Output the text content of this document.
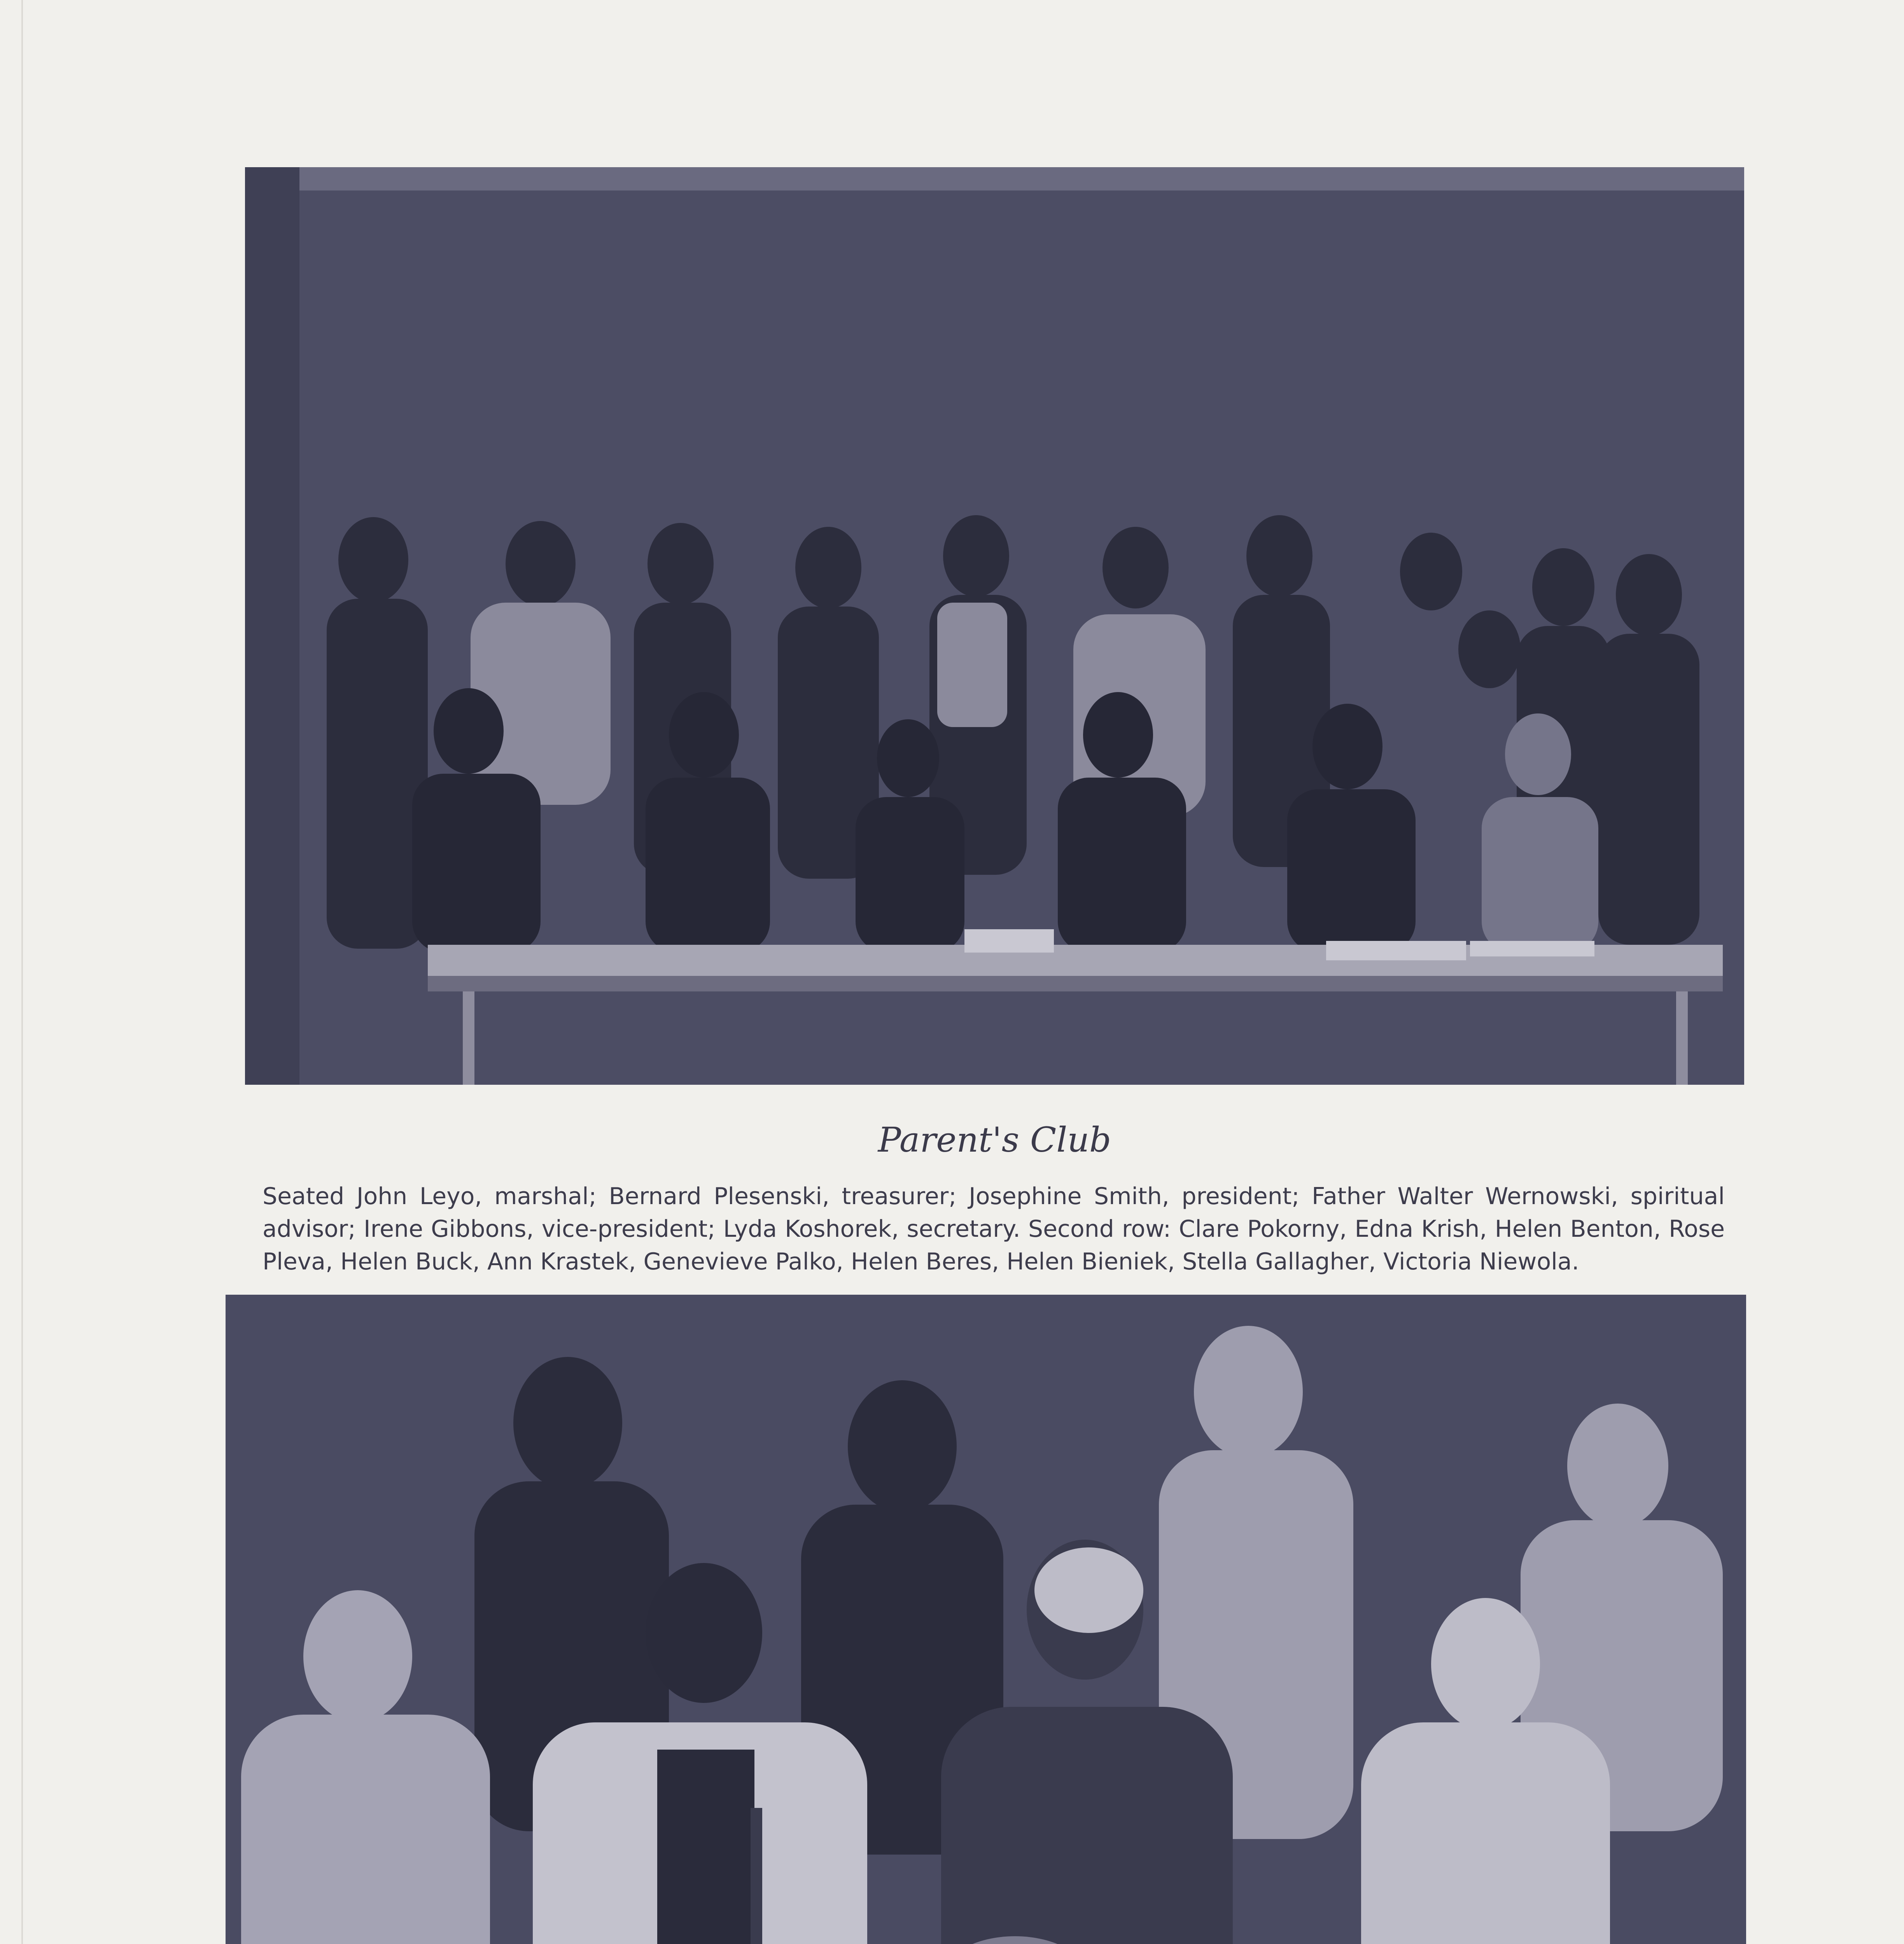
Parent's Club
Seated John Leyo, marshal; Bernard Plesenski, treasurer; Josephine Smith, president; Father Walter Wernowski, spiritual advisor; Irene Gibbons, vice-president; Lyda Koshorek, secretary. Second row: Clare Pokorny, Edna Krish, Helen Benton, Rose Pleva, Helen Buck, Ann Krastek, Genevieve Palko, Helen Beres, Helen Bieniek, Stella Gallagher, Victoria Niewola.
